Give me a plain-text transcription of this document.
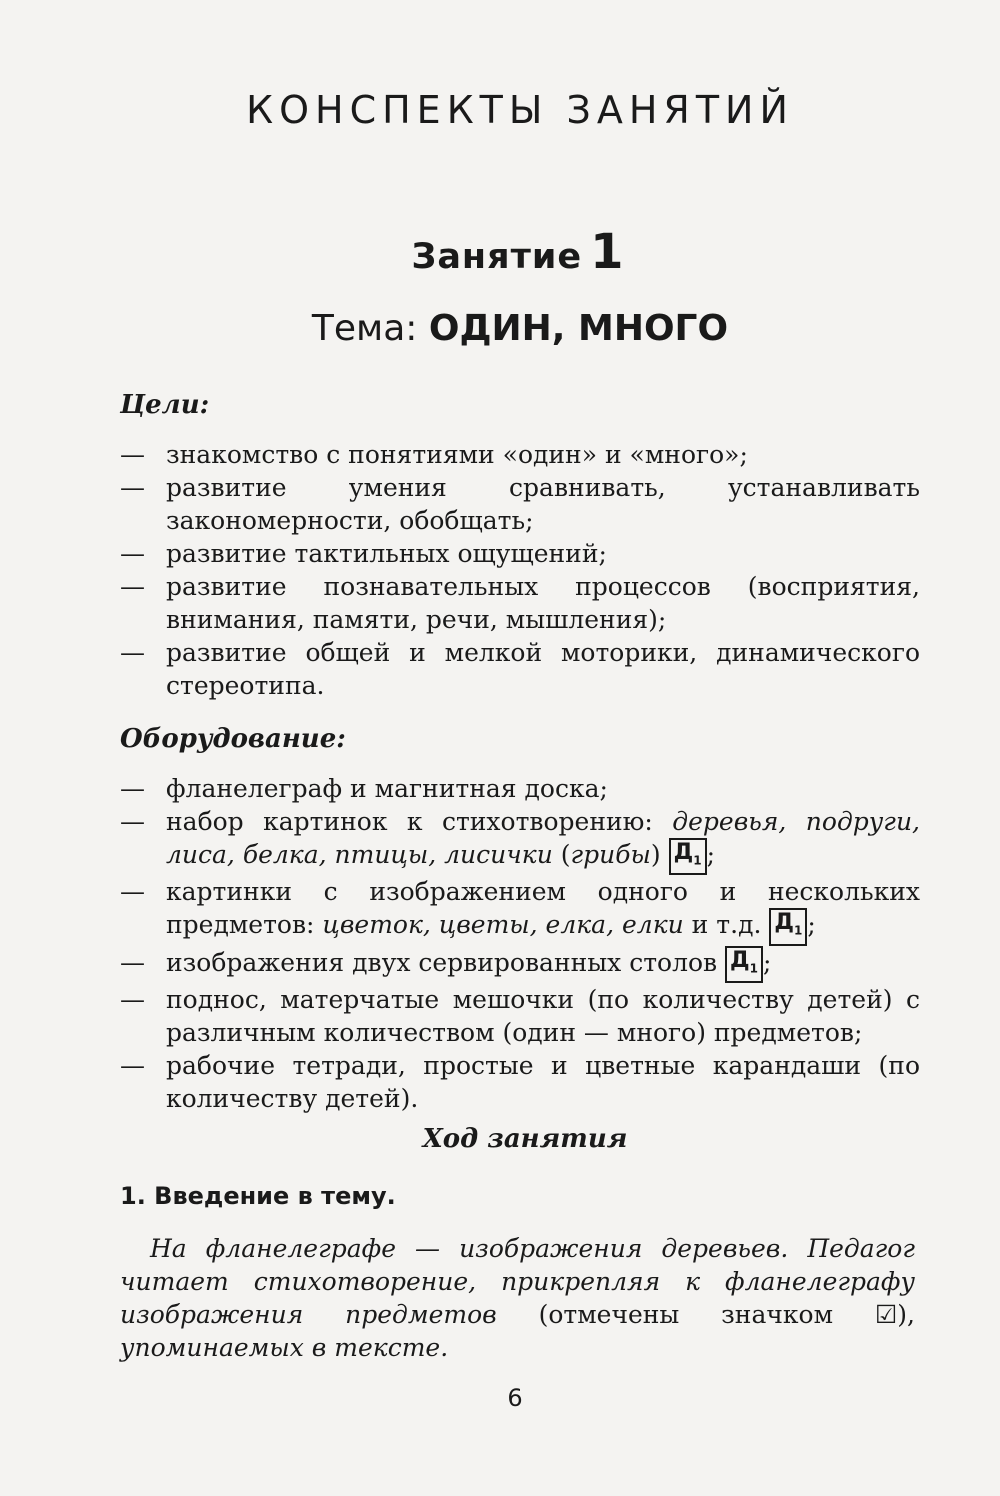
КОНСПЕКТЫ ЗАНЯТИЙ
Занятие 1
Тема: ОДИН, МНОГО

Цели:

— знакомство с понятиями «один» и «много»;
— развитие умения сравнивать, устанавливать закономерности, обобщать;
— развитие тактильных ощущений;
— развитие познавательных процессов (восприятия, внимания, памяти, речи, мышления);
— развитие общей и мелкой моторики, динамического стереотипа.

Оборудование:

— фланелеграф и магнитная доска;
— набор картинок к стихотворению: деревья, подруги, лиса, белка, птицы, лисички (грибы) $Д_1$ ;
— картинки с изображением одного и нескольких предметов: цветок, цветы, елка, елки и т.д. $Д_1$ ;
— изображения двух сервированных столов $Д_1$ ;
— поднос, матерчатые мешочки (по количеству детей) с различным количеством (один — много) предметов;
— рабочие тетради, простые и цветные карандаши (по количеству детей).
Ход занятия
1. Введение в тему.

На фланелеграфе — изображения деревьев. Педагог читает стихотворение, прикрепляя к фланелеграфу изображения предметов (отмечены значком ☑), упоминаемых в тексте.

6
